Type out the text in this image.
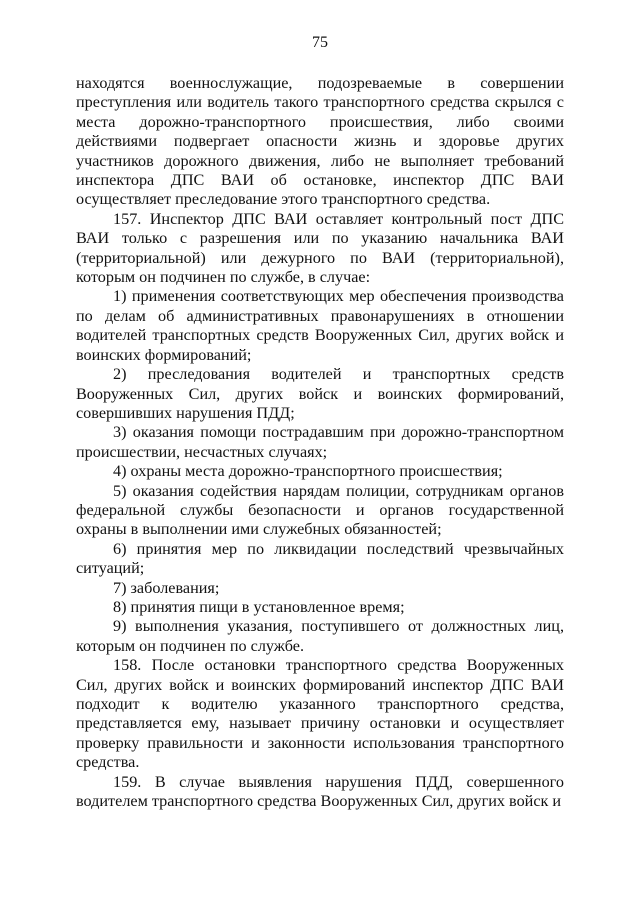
75

находятся военнослужащие, подозреваемые в совершении преступления или водитель такого транспортного средства скрылся с места дорожно-транспортного происшествия, либо своими действиями подвергает опасности жизнь и здоровье других участников дорожного движения, либо не выполняет требований инспектора ДПС ВАИ об остановке, инспектор ДПС ВАИ осуществляет преследование этого транспортного средства.

157. Инспектор ДПС ВАИ оставляет контрольный пост ДПС ВАИ только с разрешения или по указанию начальника ВАИ (территориальной) или дежурного по ВАИ (территориальной), которым он подчинен по службе, в случае:

1) применения соответствующих мер обеспечения производства по делам об административных правонарушениях в отношении водителей транспортных средств Вооруженных Сил, других войск и воинских формирований;

2) преследования водителей и транспортных средств Вооруженных Сил, других войск и воинских формирований, совершивших нарушения ПДД;

3) оказания помощи пострадавшим при дорожно-транспортном происшествии, несчастных случаях;

4) охраны места дорожно-транспортного происшествия;

5) оказания содействия нарядам полиции, сотрудникам органов федеральной службы безопасности и органов государственной охраны в выполнении ими служебных обязанностей;

6) принятия мер по ликвидации последствий чрезвычайных ситуаций;

7) заболевания;

8) принятия пищи в установленное время;

9) выполнения указания, поступившего от должностных лиц, которым он подчинен по службе.

158. После остановки транспортного средства Вооруженных Сил, других войск и воинских формирований инспектор ДПС ВАИ подходит к водителю указанного транспортного средства, представляется ему, называет причину остановки и осуществляет проверку правильности и законности использования транспортного средства.

159. В случае выявления нарушения ПДД, совершенного водителем транспортного средства Вооруженных Сил, других войск и
